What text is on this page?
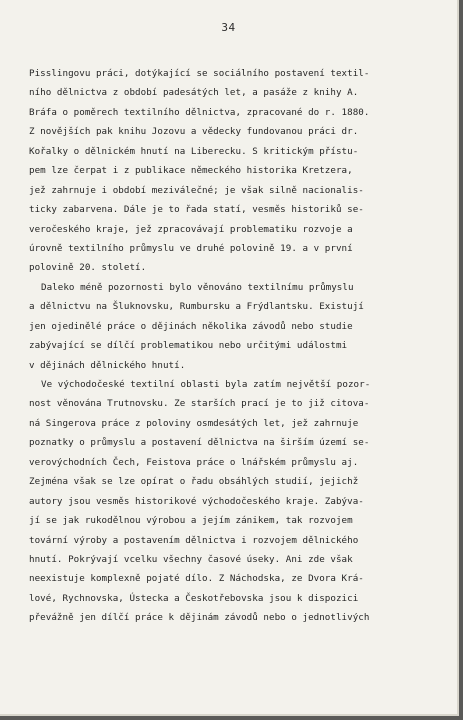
34
Pisslingovu práci, dotýkající se sociálního postavení textil-
ního dělnictva z období padesátých let, a pasáže z knihy A.
Bráfa o poměrech textilního dělnictva, zpracované do r. 1880.
Z novějších pak knihu Jozovu a vědecky fundovanou práci dr.
Kořalky o dělnickém hnutí na Liberecku. S kritickým přístu-
pem lze čerpat i z publikace německého historika Kretzera,
jež zahrnuje i období meziválečné; je však silně nacionalis-
ticky zabarvena. Dále je to řada statí, vesměs historiků se-
veročeského kraje, jež zpracovávají problematiku rozvoje a
úrovně textilního průmyslu ve druhé polovině 19. a v první
polovině 20. století.
Daleko méně pozornosti bylo věnováno textilnímu průmyslu
a dělnictvu na Šluknovsku, Rumbursku a Frýdlantsku. Existují
jen ojedinělé práce o dějinách několika závodů nebo studie
zabývající se dílčí problematikou nebo určitými událostmi
v dějinách dělnického hnutí.
Ve východočeské textilní oblasti byla zatím největší pozor-
nost věnována Trutnovsku. Ze starších prací je to již citova-
ná Singerova práce z poloviny osmdesátých let, jež zahrnuje
poznatky o průmyslu a postavení dělnictva na širším území se-
verovýchodních Čech, Feistova práce o lnářském průmyslu aj.
Zejména však se lze opírat o řadu obsáhlých studií, jejichž
autory jsou vesměs historikové východočeského kraje. Zabýva-
jí se jak rukodělnou výrobou a jejím zánikem, tak rozvojem
tovární výroby a postavením dělnictva i rozvojem dělnického
hnutí. Pokrývají vcelku všechny časové úseky. Ani zde však
neexistuje komplexně pojaté dílo. Z Náchodska, ze Dvora Krá-
lové, Rychnovska, Ústecka a Českotřebovska jsou k dispozici
převážně jen dílčí práce k dějinám závodů nebo o jednotlivých
